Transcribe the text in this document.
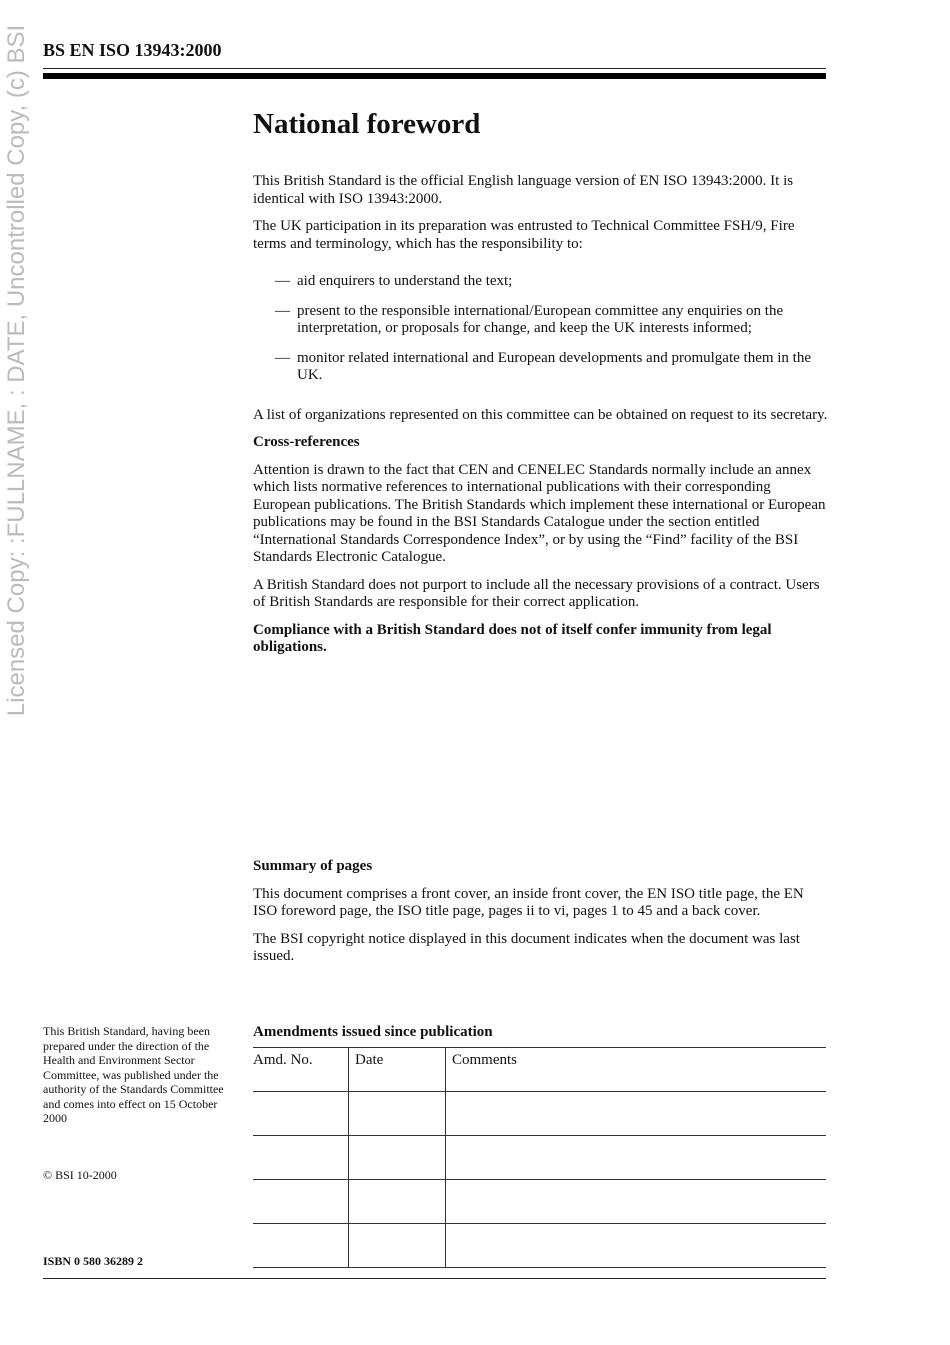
BS EN ISO 13943:2000
Licensed Copy: :FULLNAME, : DATE, Uncontrolled Copy, (c) BSI	National foreword

This British Standard is the official English language version of EN ISO 13943:2000. It is identical with ISO 13943:2000.

The UK participation in its preparation was entrusted to Technical Committee FSH/9, Fire terms and terminology, which has the responsibility to:

— aid enquirers to understand the text;
— present to the responsible international/European committee any enquiries on the interpretation, or proposals for change, and keep the UK interests informed;
— monitor related international and European developments and promulgate them in the UK.

A list of organizations represented on this committee can be obtained on request to its secretary.

Cross-references

Attention is drawn to the fact that CEN and CENELEC Standards normally include an annex which lists normative references to international publications with their corresponding European publications. The British Standards which implement these international or European publications may be found in the BSI Standards Catalogue under the section entitled “International Standards Correspondence Index”, or by using the “Find” facility of the BSI Standards Electronic Catalogue.

A British Standard does not purport to include all the necessary provisions of a contract. Users of British Standards are responsible for their correct application.

Compliance with a British Standard does not of itself confer immunity from legal obligations.

Summary of pages

This document comprises a front cover, an inside front cover, the EN ISO title page, the EN ISO foreword page, the ISO title page, pages ii to vi, pages 1 to 45 and a back cover.

The BSI copyright notice displayed in this document indicates when the document was last issued.

Amendments issued since publication

Amd. No.	Date	Comments

This British Standard, having been prepared under the direction of the Health and Environment Sector Committee, was published under the authority of the Standards Committee and comes into effect on 15 October 2000
© BSI 10-2000
ISBN 0 580 36289 2
